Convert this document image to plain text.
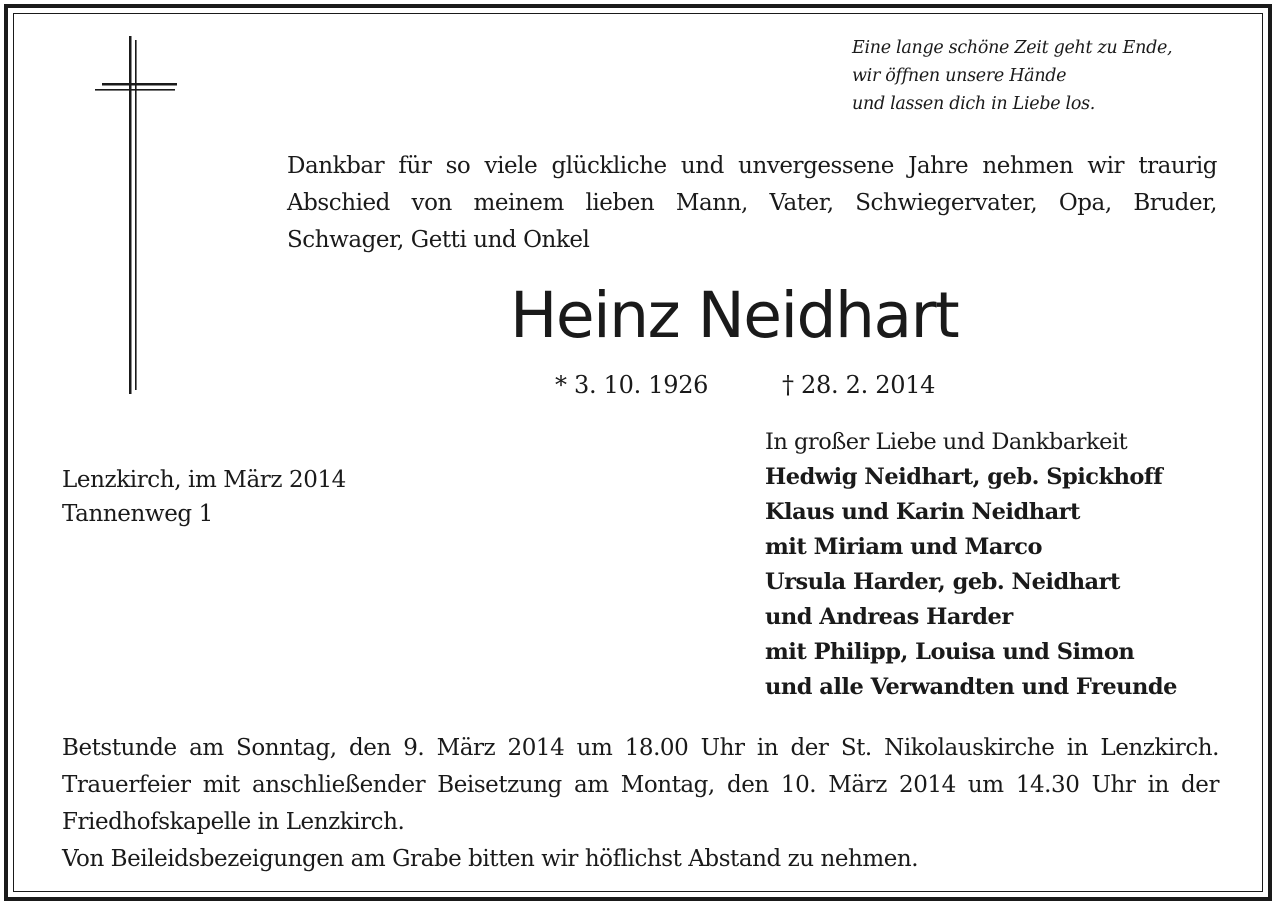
Eine lange schöne Zeit geht zu Ende,
wir öffnen unsere Hände
und lassen dich in Liebe los.
Dankbar für so viele glückliche und unvergessene Jahre nehmen wir traurig
Abschied von meinem lieben Mann, Vater, Schwiegervater, Opa, Bruder,
Schwager, Getti und Onkel
Heinz Neidhart
* 3. 10. 1926	† 28. 2. 2014
Lenzkirch, im März 2014
Tannenweg 1
In großer Liebe und Dankbarkeit
Hedwig Neidhart, geb. Spickhoff
Klaus und Karin Neidhart
mit Miriam und Marco
Ursula Harder, geb. Neidhart
und Andreas Harder
mit Philipp, Louisa und Simon
und alle Verwandten und Freunde
Betstunde am Sonntag, den 9. März 2014 um 18.00 Uhr in der St. Nikolauskirche in Lenzkirch.
Trauerfeier mit anschließender Beisetzung am Montag, den 10. März 2014 um 14.30 Uhr in der
Friedhofskapelle in Lenzkirch.
Von Beileidsbezeigungen am Grabe bitten wir höflichst Abstand zu nehmen.
